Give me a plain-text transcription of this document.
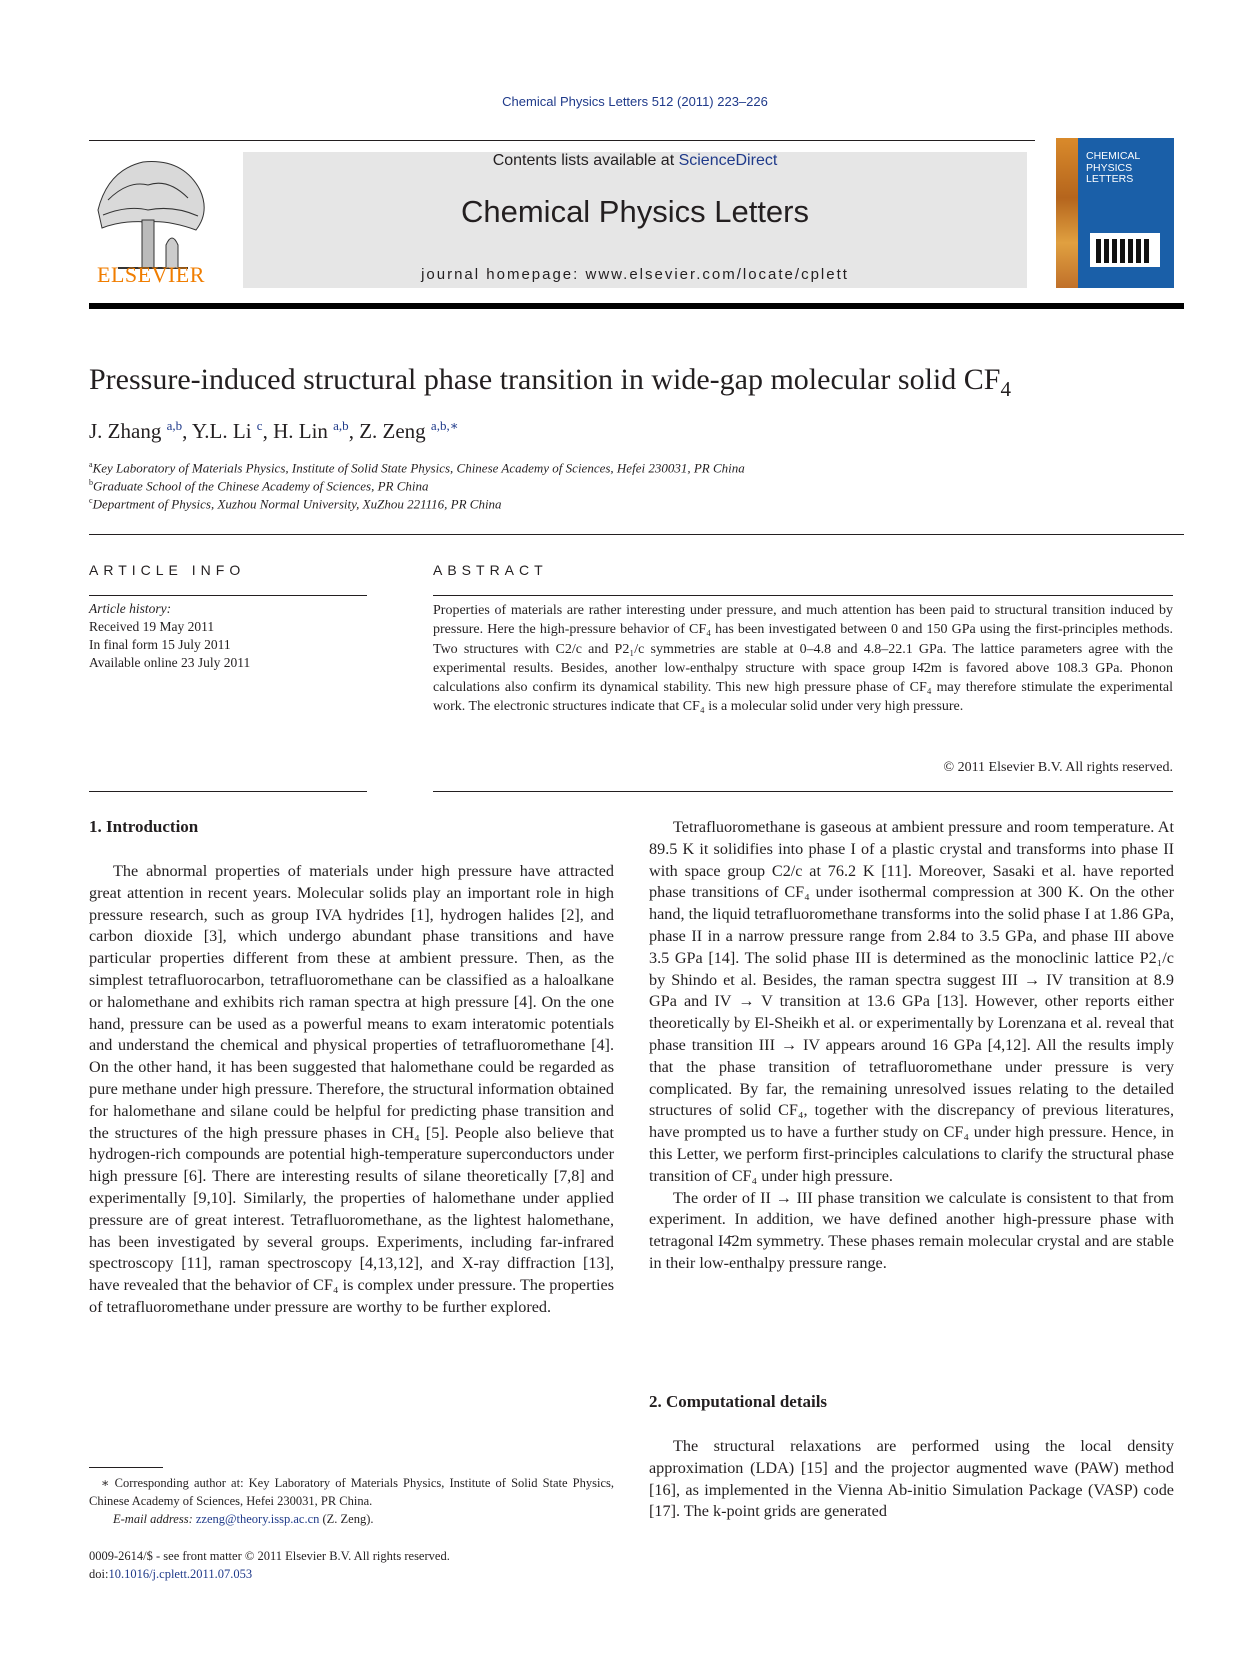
Chemical Physics Letters 512 (2011) 223–226
ELSEVIER
Contents lists available at ScienceDirect
Chemical Physics Letters
journal homepage: www.elsevier.com/locate/cplett
CHEMICAL PHYSICS LETTERS
Pressure-induced structural phase transition in wide-gap molecular solid $CF_4$
J. Zhang $^{a,b}$, Y.L. Li $^c$, H. Lin $^{a,b}$, Z. Zeng $^{a,b,∗}$
$^a$Key Laboratory of Materials Physics, Institute of Solid State Physics, Chinese Academy of Sciences, Hefei 230031, PR China
$^b$Graduate School of the Chinese Academy of Sciences, PR China
$^c$Department of Physics, Xuzhou Normal University, XuZhou 221116, PR China
ARTICLE INFO
Article history:
Received 19 May 2011
In final form 15 July 2011
Available online 23 July 2011
ABSTRACT
Properties of materials are rather interesting under pressure, and much attention has been paid to structural transition induced by pressure. Here the high-pressure behavior of CF₄ has been investigated between 0 and 150 GPa using the first-principles methods. Two structures with C2/c and P2₁/c symmetries are stable at 0–4.8 and 4.8–22.1 GPa. The lattice parameters agree with the experimental results. Besides, another low-enthalpy structure with space group I4̄2m is favored above 108.3 GPa. Phonon calculations also confirm its dynamical stability. This new high pressure phase of CF₄ may therefore stimulate the experimental work. The electronic structures indicate that CF₄ is a molecular solid under very high pressure.
© 2011 Elsevier B.V. All rights reserved.
1. Introduction

The abnormal properties of materials under high pressure have attracted great attention in recent years. Molecular solids play an important role in high pressure research, such as group IVA hydrides [1], hydrogen halides [2], and carbon dioxide [3], which undergo abundant phase transitions and have particular properties different from these at ambient pressure. Then, as the simplest tetrafluorocarbon, tetrafluoromethane can be classified as a haloalkane or halomethane and exhibits rich raman spectra at high pressure [4]. On the one hand, pressure can be used as a powerful means to exam interatomic potentials and understand the chemical and physical properties of tetrafluoromethane [4]. On the other hand, it has been suggested that halomethane could be regarded as pure methane under high pressure. Therefore, the structural information obtained for halomethane and silane could be helpful for predicting phase transition and the structures of the high pressure phases in CH₄ [5]. People also believe that hydrogen-rich compounds are potential high-temperature superconductors under high pressure [6]. There are interesting results of silane theoretically [7,8] and experimentally [9,10]. Similarly, the properties of halomethane under applied pressure are of great interest. Tetrafluoromethane, as the lightest halomethane, has been investigated by several groups. Experiments, including far-infrared spectroscopy [11], raman spectroscopy [4,13,12], and X-ray diffraction [13], have revealed that the behavior of CF₄ is complex under pressure. The properties of tetrafluoromethane under pressure are worthy to be further explored.

Tetrafluoromethane is gaseous at ambient pressure and room temperature. At 89.5 K it solidifies into phase I of a plastic crystal and transforms into phase II with space group C2/c at 76.2 K [11]. Moreover, Sasaki et al. have reported phase transitions of CF₄ under isothermal compression at 300 K. On the other hand, the liquid tetrafluoromethane transforms into the solid phase I at 1.86 GPa, phase II in a narrow pressure range from 2.84 to 3.5 GPa, and phase III above 3.5 GPa [14]. The solid phase III is determined as the monoclinic lattice P2₁/c by Shindo et al. Besides, the raman spectra suggest III → IV transition at 8.9 GPa and IV → V transition at 13.6 GPa [13]. However, other reports either theoretically by El-Sheikh et al. or experimentally by Lorenzana et al. reveal that phase transition III → IV appears around 16 GPa [4,12]. All the results imply that the phase transition of tetrafluoromethane under pressure is very complicated. By far, the remaining unresolved issues relating to the detailed structures of solid CF₄, together with the discrepancy of previous literatures, have prompted us to have a further study on CF₄ under high pressure. Hence, in this Letter, we perform first-principles calculations to clarify the structural phase transition of CF₄ under high pressure.

The order of II → III phase transition we calculate is consistent to that from experiment. In addition, we have defined another high-pressure phase with tetragonal I4̄2m symmetry. These phases remain molecular crystal and are stable in their low-enthalpy pressure range.

2. Computational details

The structural relaxations are performed using the local density approximation (LDA) [15] and the projector augmented wave (PAW) method [16], as implemented in the Vienna Ab-initio Simulation Package (VASP) code [17]. The k-point grids are generated

∗ Corresponding author at: Key Laboratory of Materials Physics, Institute of Solid State Physics, Chinese Academy of Sciences, Hefei 230031, PR China.
E-mail address: zzeng@theory.issp.ac.cn (Z. Zeng).
0009-2614/$ - see front matter © 2011 Elsevier B.V. All rights reserved.
doi:10.1016/j.cplett.2011.07.053
